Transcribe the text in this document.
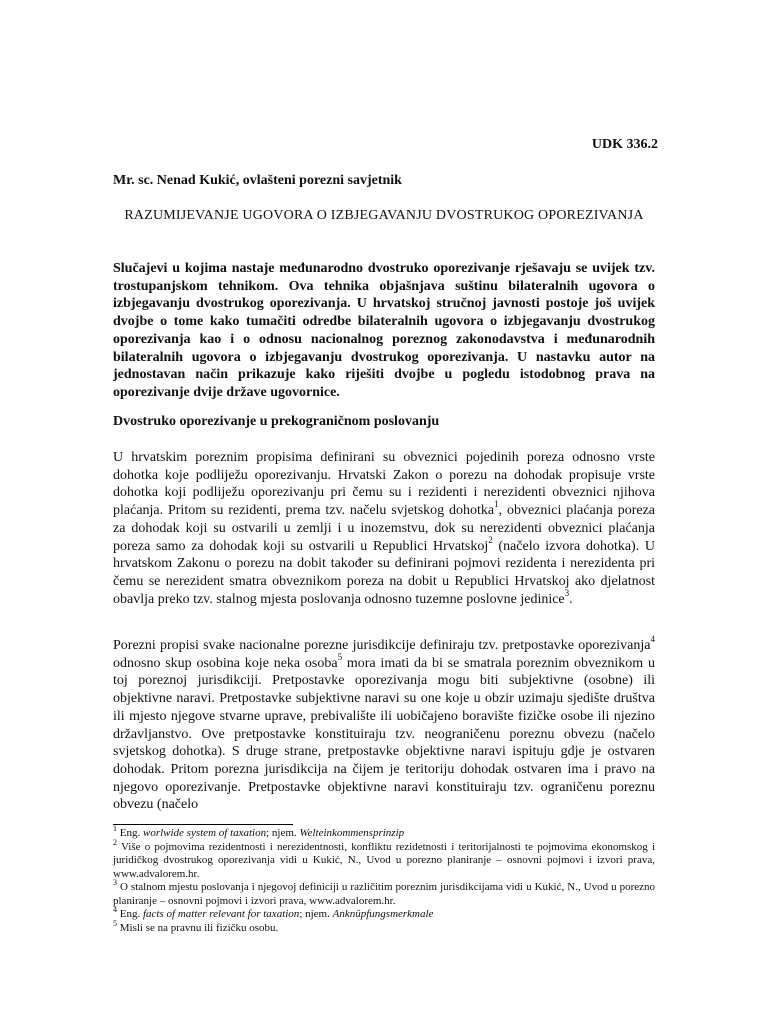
UDK 336.2
Mr. sc. Nenad Kukić, ovlašteni porezni savjetnik
RAZUMIJEVANJE UGOVORA O IZBJEGAVANJU DVOSTRUKOG OPOREZIVANJA
Slučajevi u kojima nastaje međunarodno dvostruko oporezivanje rješavaju se uvijek tzv. trostupanjskom tehnikom. Ova tehnika objašnjava suštinu bilateralnih ugovora o izbjegavanju dvostrukog oporezivanja. U hrvatskoj stručnoj javnosti postoje još uvijek dvojbe o tome kako tumačiti odredbe bilateralnih ugovora o izbjegavanju dvostrukog oporezivanja kao i o odnosu nacionalnog poreznog zakonodavstva i međunarodnih bilateralnih ugovora o izbjegavanju dvostrukog oporezivanja. U nastavku autor na jednostavan način prikazuje kako riješiti dvojbe u pogledu istodobnog prava na oporezivanje dvije države ugovornice.
Dvostruko oporezivanje u prekograničnom poslovanju
U hrvatskim poreznim propisima definirani su obveznici pojedinih poreza odnosno vrste dohotka koje podliježu oporezivanju. Hrvatski Zakon o porezu na dohodak propisuje vrste dohotka koji podliježu oporezivanju pri čemu su i rezidenti i nerezidenti obveznici njihova plaćanja. Pritom su rezidenti, prema tzv. načelu svjetskog dohotka$^1$, obveznici plaćanja poreza za dohodak koji su ostvarili u zemlji i u inozemstvu, dok su nerezidenti obveznici plaćanja poreza samo za dohodak koji su ostvarili u Republici Hrvatskoj$^2$ (načelo izvora dohotka). U hrvatskom Zakonu o porezu na dobit također su definirani pojmovi rezidenta i nerezidenta pri čemu se nerezident smatra obveznikom poreza na dobit u Republici Hrvatskoj ako djelatnost obavlja preko tzv. stalnog mjesta poslovanja odnosno tuzemne poslovne jedinice$^3$.
Porezni propisi svake nacionalne porezne jurisdikcije definiraju tzv. pretpostavke oporezivanja$^4$ odnosno skup osobina koje neka osoba$^5$ mora imati da bi se smatrala poreznim obveznikom u toj poreznoj jurisdikciji. Pretpostavke oporezivanja mogu biti subjektivne (osobne) ili objektivne naravi. Pretpostavke subjektivne naravi su one koje u obzir uzimaju sjedište društva ili mjesto njegove stvarne uprave, prebivalište ili uobičajeno boravište fizičke osobe ili njezino državljanstvo. Ove pretpostavke konstituiraju tzv. neograničenu poreznu obvezu (načelo svjetskog dohotka). S druge strane, pretpostavke objektivne naravi ispituju gdje je ostvaren dohodak. Pritom porezna jurisdikcija na čijem je teritoriju dohodak ostvaren ima i pravo na njegovo oporezivanje. Pretpostavke objektivne naravi konstituiraju tzv. ograničenu poreznu obvezu (načelo

$^1$ Eng. worlwide system of taxation; njem. Welteinkommensprinzip

$^2$ Više o pojmovima rezidentnosti i nerezidentnosti, konfliktu rezidetnosti i teritorijalnosti te pojmovima ekonomskog i juridičkog dvostrukog oporezivanja vidi u Kukić, N., Uvod u porezno planiranje – osnovni pojmovi i izvori prava, www.advalorem.hr.

$^3$ O stalnom mjestu poslovanja i njegovoj definiciji u različitim poreznim jurisdikcijama vidi u Kukić, N., Uvod u porezno planiranje – osnovni pojmovi i izvori prava, www.advalorem.hr.

$^4$ Eng. facts of matter relevant for taxation; njem. Anknüpfungsmerkmale

$^5$ Misli se na pravnu ili fizičku osobu.
